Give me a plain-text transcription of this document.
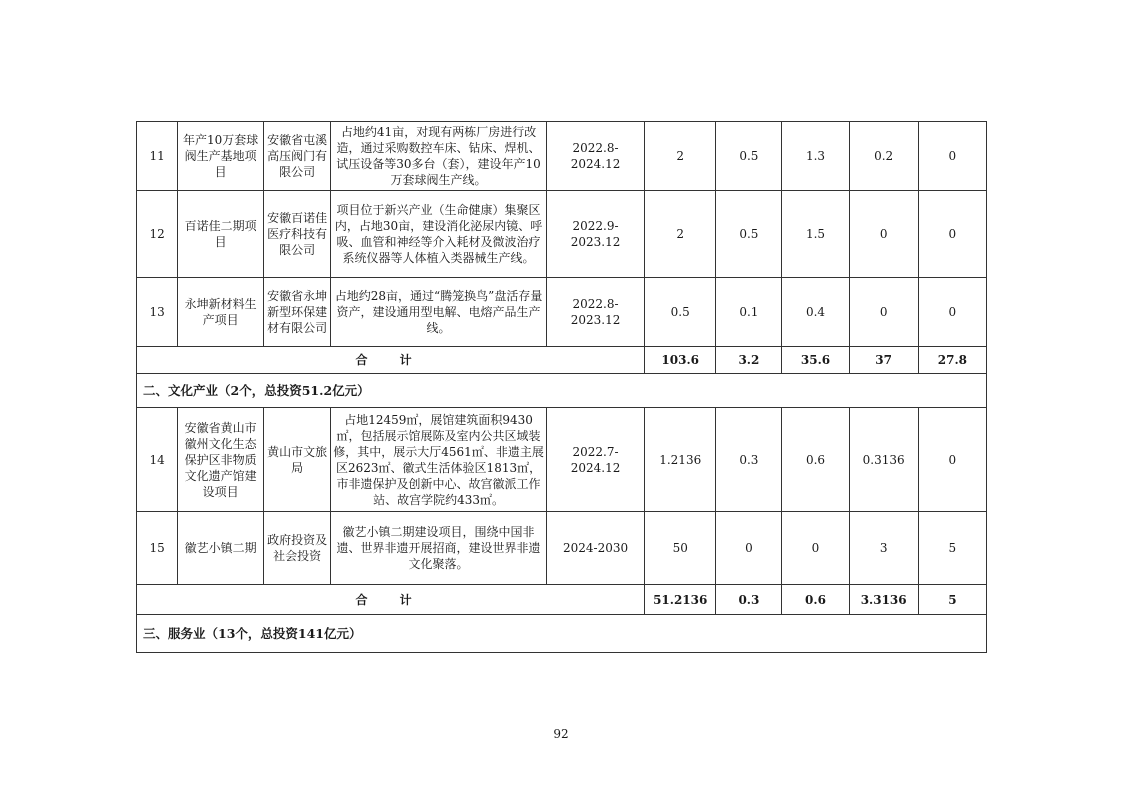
11	年产10万套球阀生产基地项目	安徽省屯溪高压阀门有限公司	占地约41亩，对现有两栋厂房进行改造，通过采购数控车床、钻床、焊机、试压设备等30多台（套），建设年产10万套球阀生产线。	2022.8-2024.12	2	0.5	1.3	0.2	0
12	百诺佳二期项目	安徽百诺佳医疗科技有限公司	项目位于新兴产业（生命健康）集聚区内，占地30亩，建设消化泌尿内镜、呼吸、血管和神经等介入耗材及微波治疗系统仪器等人体植入类器械生产线。	2022.9-2023.12	2	0.5	1.5	0	0
13	永坤新材料生产项目	安徽省永坤新型环保建材有限公司	占地约28亩，通过“腾笼换鸟”盘活存量资产，建设通用型电解、电熔产品生产线。	2022.8-2023.12	0.5	0.1	0.4	0	0
合 计					103.6	3.2	35.6	37	27.8
二、文化产业（2个，总投资51.2亿元）									
14	安徽省黄山市徽州文化生态保护区非物质文化遗产馆建设项目	黄山市文旅局	占地12459㎡，展馆建筑面积9430㎡，包括展示馆展陈及室内公共区域装修，其中，展示大厅4561㎡、非遗主展区2623㎡、徽式生活体验区1813㎡，市非遗保护及创新中心、故宫徽派工作站、故宫学院约433㎡。	2022.7-2024.12	1.2136	0.3	0.6	0.3136	0
15	徽艺小镇二期	政府投资及社会投资	徽艺小镇二期建设项目，围绕中国非遗、世界非遗开展招商，建设世界非遗文化聚落。	2024-2030	50	0	0	3	5
合 计					51.2136	0.3	0.6	3.3136	5
三、服务业（13个，总投资141亿元）									
92
